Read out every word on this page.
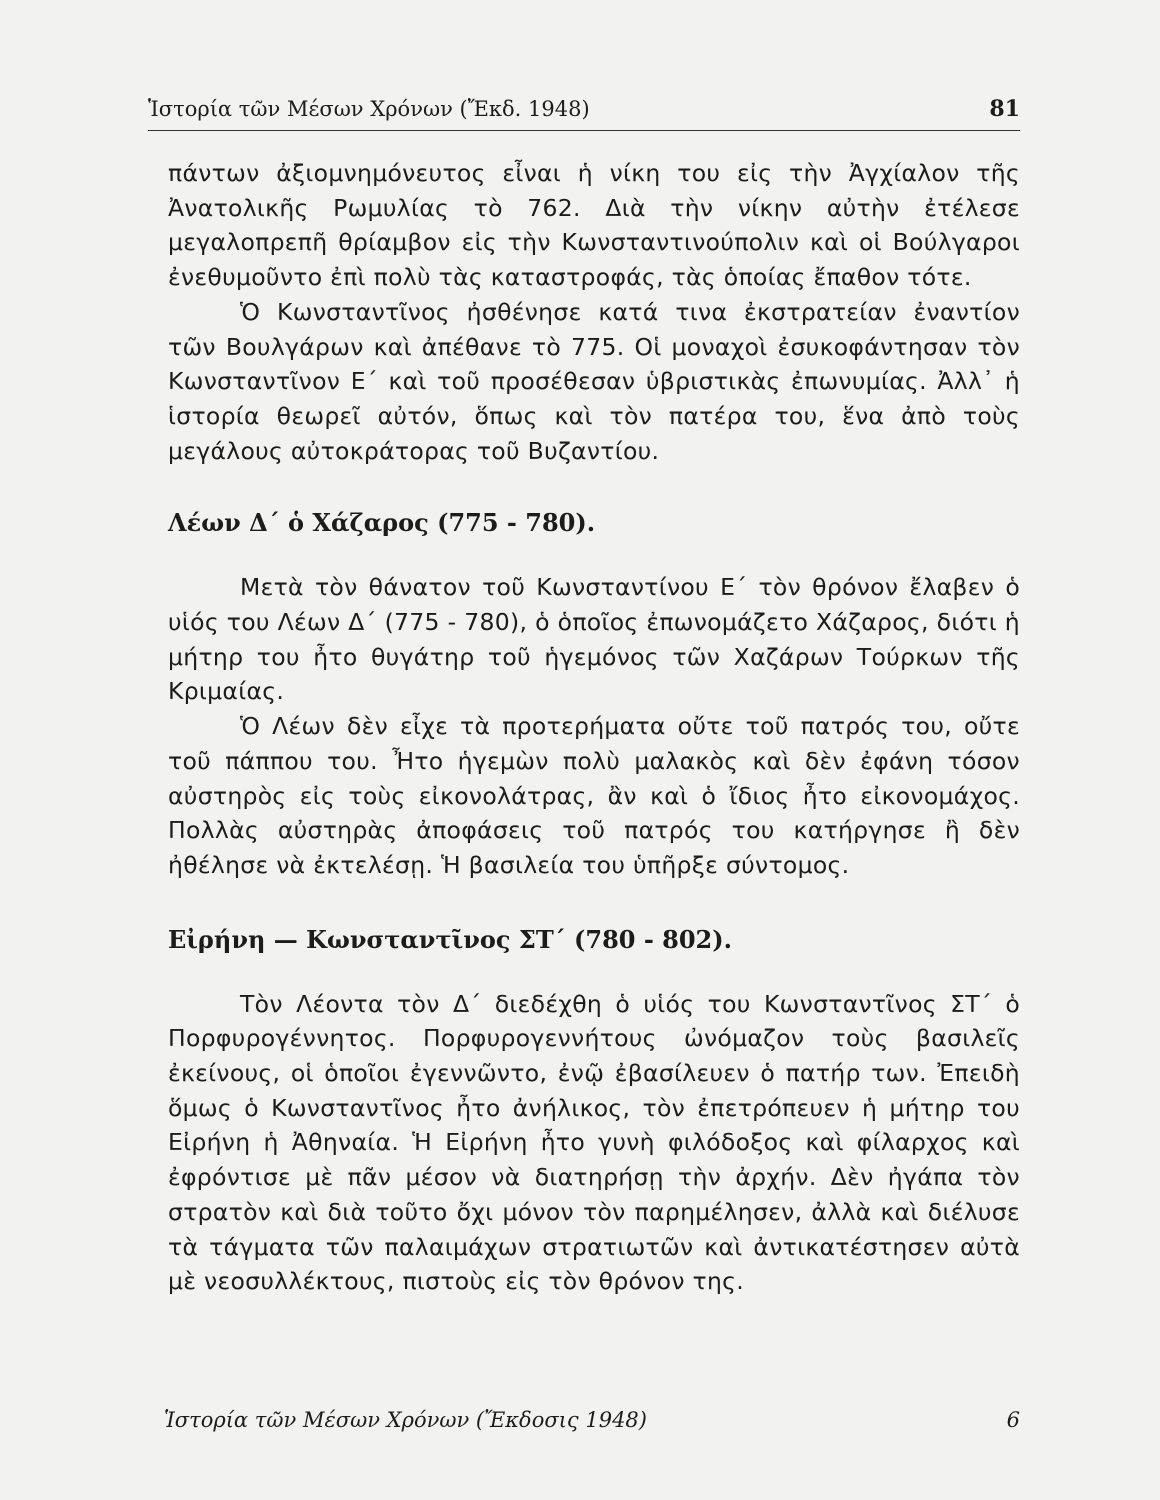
Ἱστορία τῶν Μέσων Χρόνων (Ἔκδ. 1948)	81

πάντων ἀξιομνημόνευτος εἶναι ἡ νίκη του εἰς τὴν Ἀγχίαλον τῆς Ἀνατολικῆς Ρωμυλίας τὸ 762. Διὰ τὴν νίκην αὐτὴν ἐτέλεσε μεγαλοπρεπῆ θρίαμβον εἰς τὴν Κωνσταντινούπολιν καὶ οἱ Βούλγαροι ἐνεθυμοῦντο ἐπὶ πολὺ τὰς καταστροφάς, τὰς ὁποίας ἔπαθον τότε.

Ὁ Κωνσταντῖνος ἠσθένησε κατά τινα ἐκστρατείαν ἐναντίον τῶν Βουλγάρων καὶ ἀπέθανε τὸ 775. Οἱ μοναχοὶ ἐσυκοφάντησαν τὸν Κωνσταντῖνον Ε΄ καὶ τοῦ προσέθεσαν ὑβριστικὰς ἐπωνυμίας. Ἀλλ᾽ ἡ ἱστορία θεωρεῖ αὐτόν, ὅπως καὶ τὸν πατέρα του, ἕνα ἀπὸ τοὺς μεγάλους αὐτοκράτορας τοῦ Βυζαντίου.

Λέων Δ΄ ὁ Χάζαρος (775 - 780).

Μετὰ τὸν θάνατον τοῦ Κωνσταντίνου Ε΄ τὸν θρόνον ἔλαβεν ὁ υἱός του Λέων Δ΄ (775 - 780), ὁ ὁποῖος ἐπωνομάζετο Χάζαρος, διότι ἡ μήτηρ του ἦτο θυγάτηρ τοῦ ἡγεμόνος τῶν Χαζάρων Τούρκων τῆς Κριμαίας.

Ὁ Λέων δὲν εἶχε τὰ προτερήματα οὔτε τοῦ πατρός του, οὔτε τοῦ πάππου του. Ἦτο ἡγεμὼν πολὺ μαλακὸς καὶ δὲν ἐφάνη τόσον αὐστηρὸς εἰς τοὺς εἰκονολάτρας, ἂν καὶ ὁ ἴδιος ἦτο εἰκονομάχος. Πολλὰς αὐστηρὰς ἀποφάσεις τοῦ πατρός του κατήργησε ἢ δὲν ἠθέλησε νὰ ἐκτελέσῃ. Ἡ βασιλεία του ὑπῆρξε σύντομος.

Εἰρήνη — Κωνσταντῖνος ΣΤ΄ (780 - 802).

Τὸν Λέοντα τὸν Δ΄ διεδέχθη ὁ υἱός του Κωνσταντῖνος ΣΤ΄ ὁ Πορφυρογέννητος. Πορφυρογεννήτους ὠνόμαζον τοὺς βασιλεῖς ἐκείνους, οἱ ὁποῖοι ἐγεννῶντο, ἐνῷ ἐβασίλευεν ὁ πατήρ των. Ἐπειδὴ ὅμως ὁ Κωνσταντῖνος ἦτο ἀνήλικος, τὸν ἐπετρόπευεν ἡ μήτηρ του Εἰρήνη ἡ Ἀθηναία. Ἡ Εἰρήνη ἦτο γυνὴ φιλόδοξος καὶ φίλαρχος καὶ ἐφρόντισε μὲ πᾶν μέσον νὰ διατηρήσῃ τὴν ἀρχήν. Δὲν ἠγάπα τὸν στρατὸν καὶ διὰ τοῦτο ὄχι μόνον τὸν παρημέλησεν, ἀλλὰ καὶ διέλυσε τὰ τάγματα τῶν παλαιμάχων στρατιωτῶν καὶ ἀντικατέστησεν αὐτὰ μὲ νεοσυλλέκτους, πιστοὺς εἰς τὸν θρόνον της.

Ἱστορία τῶν Μέσων Χρόνων (Ἔκδοσις 1948)	6
